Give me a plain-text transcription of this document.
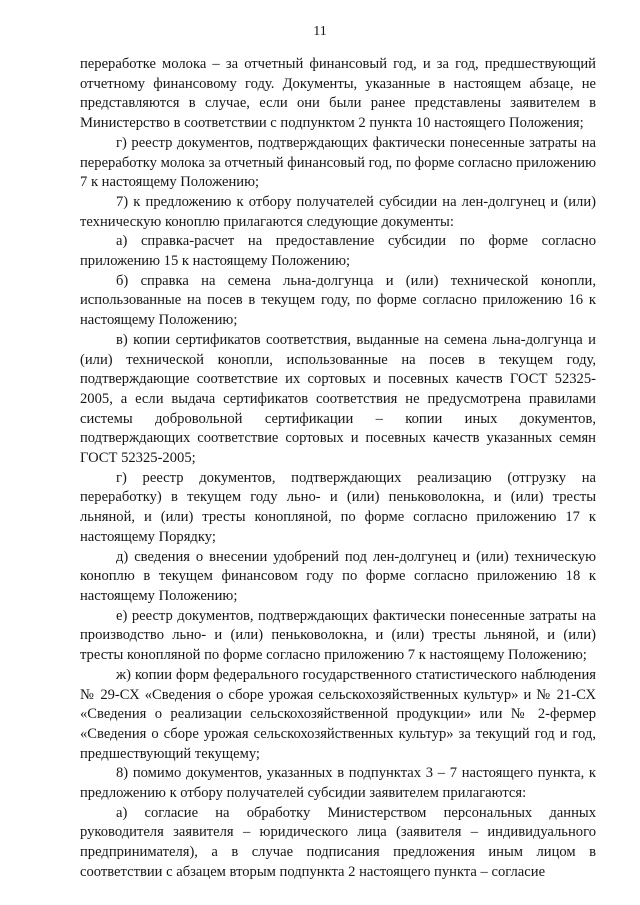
11

переработке молока – за отчетный финансовый год, и за год, предшествующий отчетному финансовому году. Документы, указанные в настоящем абзаце, не представляются в случае, если они были ранее представлены заявителем в Министерство в соответствии с подпунктом 2 пункта 10 настоящего Положения;

г) реестр документов, подтверждающих фактически понесенные затраты на переработку молока за отчетный финансовый год, по форме согласно приложению 7 к настоящему Положению;

7) к предложению к отбору получателей субсидии на лен-долгунец и (или) техническую коноплю прилагаются следующие документы:

а) справка-расчет на предоставление субсидии по форме согласно приложению 15 к настоящему Положению;

б) справка на семена льна-долгунца и (или) технической конопли, использованные на посев в текущем году, по форме согласно приложению 16 к настоящему Положению;

в) копии сертификатов соответствия, выданные на семена льна-долгунца и (или) технической конопли, использованные на посев в текущем году, подтверждающие соответствие их сортовых и посевных качеств ГОСТ 52325-2005, а если выдача сертификатов соответствия не предусмотрена правилами системы добровольной сертификации – копии иных документов, подтверждающих соответствие сортовых и посевных качеств указанных семян ГОСТ 52325-2005;

г) реестр документов, подтверждающих реализацию (отгрузку на переработку) в текущем году льно- и (или) пеньковолокна, и (или) тресты льняной, и (или) тресты конопляной, по форме согласно приложению 17 к настоящему Порядку;

д) сведения о внесении удобрений под лен-долгунец и (или) техническую коноплю в текущем финансовом году по форме согласно приложению 18 к настоящему Положению;

е) реестр документов, подтверждающих фактически понесенные затраты на производство льно- и (или) пеньковолокна, и (или) тресты льняной, и (или) тресты конопляной по форме согласно приложению 7 к настоящему Положению;

ж) копии форм федерального государственного статистического наблюдения № 29-СХ «Сведения о сборе урожая сельскохозяйственных культур» и № 21-СХ «Сведения о реализации сельскохозяйственной продукции» или № 2-фермер «Сведения о сборе урожая сельскохозяйственных культур» за текущий год и год, предшествующий текущему;

8) помимо документов, указанных в подпунктах 3 – 7 настоящего пункта, к предложению к отбору получателей субсидии заявителем прилагаются:

а) согласие на обработку Министерством персональных данных руководителя заявителя – юридического лица (заявителя – индивидуального предпринимателя), а в случае подписания предложения иным лицом в соответствии с абзацем вторым подпункта 2 настоящего пункта – согласие
